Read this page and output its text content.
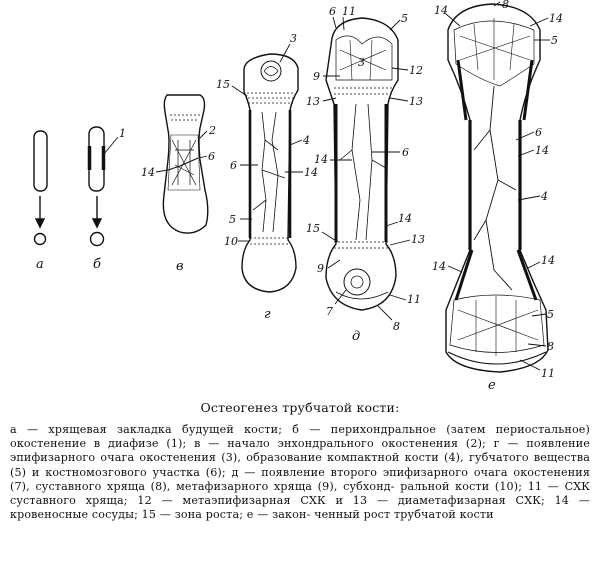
а
1
б
2
14
6
в
3
15
4
6
14
5
10
г
6 11
5
3
9	12
13	13
14
6
15
14
13
9
7
11
8
д
8
14
14
5
6
14
4
14	14
5
8
11
е

Остеогенез трубчатой кости:

а — хрящевая закладка будущей кости; б — перихондральное (затем периостальное) окостенение в диафизе (1); в — начало энхондрального окостенения (2); г — появление эпифизарного очага окостенения (3), образование компактной кости (4), губчатого вещества (5) и костномозгового участка (6); д — появление второго эпифизарного очага окостенения (7), суставного хряща (8), метафизарного хряща (9), субхонд- ральной кости (10); 11 — СХК суставного хряща; 12 — метаэпифизарная СХК и 13 — диаметафизарная СХК; 14 — кровеносные сосуды; 15 — зона роста; е — закон- ченный рост трубчатой кости
